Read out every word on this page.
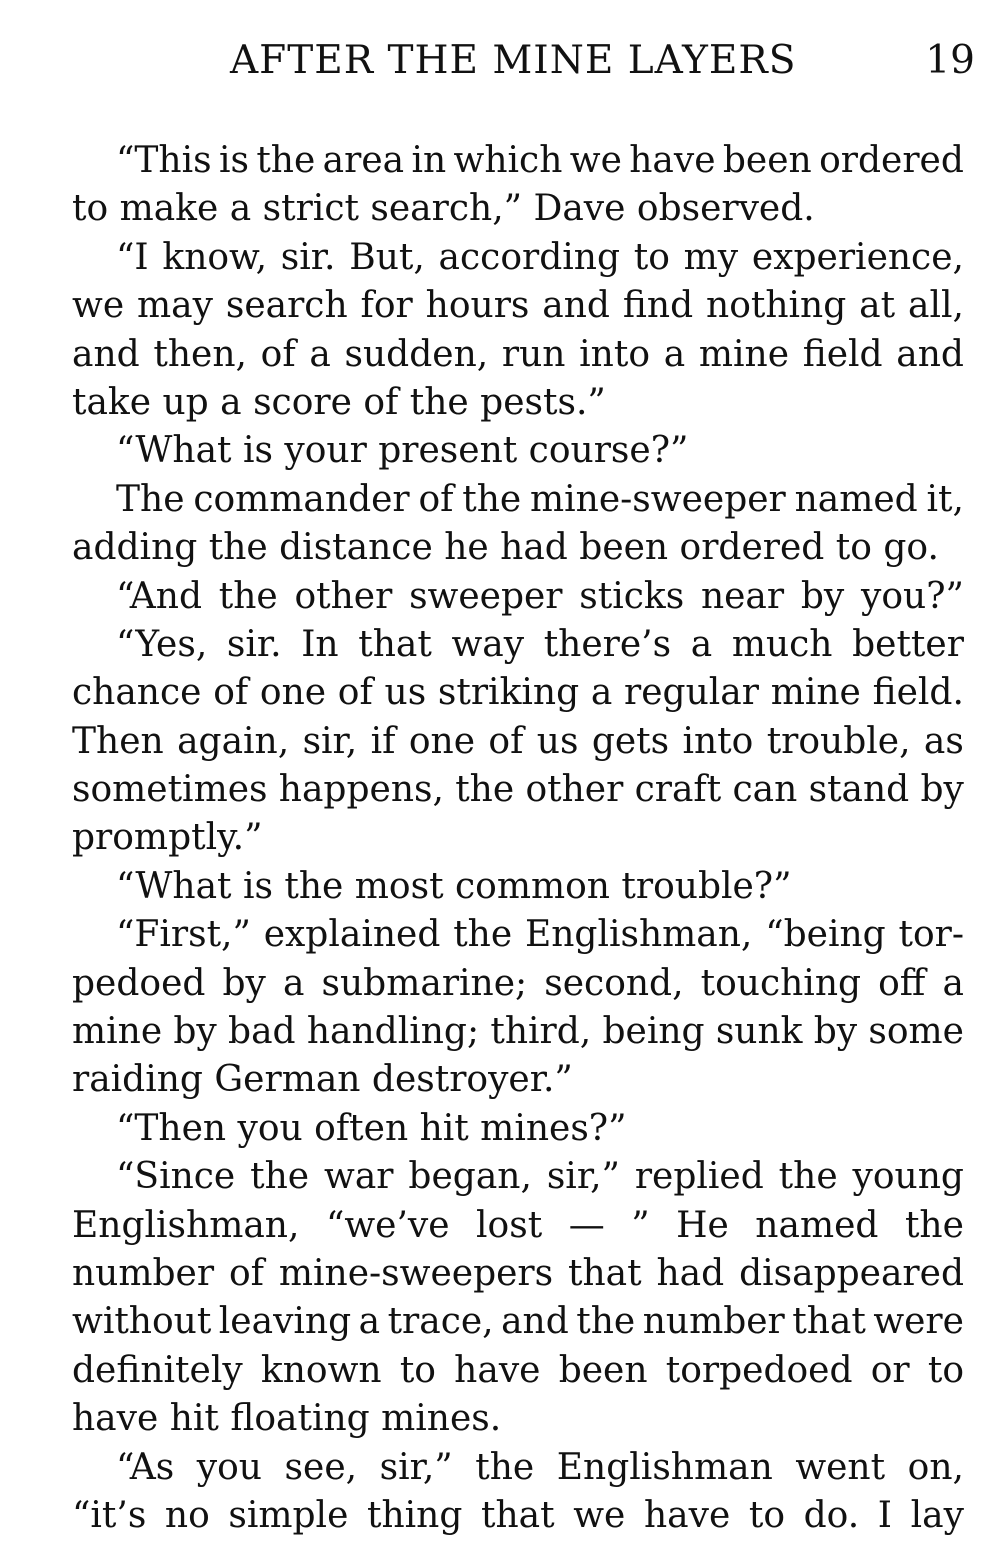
AFTER THE MINE LAYERS	19
“This is the area in which we have been ordered
to make a strict search,” Dave observed.
“I know, sir. But, according to my experience,
we may search for hours and find nothing at all,
and then, of a sudden, run into a mine field and
take up a score of the pests.”
“What is your present course?”
The commander of the mine-sweeper named it,
adding the distance he had been ordered to go.
“And the other sweeper sticks near by you?”
“Yes, sir. In that way there’s a much better
chance of one of us striking a regular mine field.
Then again, sir, if one of us gets into trouble, as
sometimes happens, the other craft can stand by
promptly.”
“What is the most common trouble?”
“First,” explained the Englishman, “being tor-
pedoed by a submarine; second, touching off a
mine by bad handling; third, being sunk by some
raiding German destroyer.”
“Then you often hit mines?”
“Since the war began, sir,” replied the young
Englishman, “we’ve lost — ” He named the
number of mine-sweepers that had disappeared
without leaving a trace, and the number that were
definitely known to have been torpedoed or to
have hit floating mines.
“As you see, sir,” the Englishman went on,
“it’s no simple thing that we have to do. I lay
